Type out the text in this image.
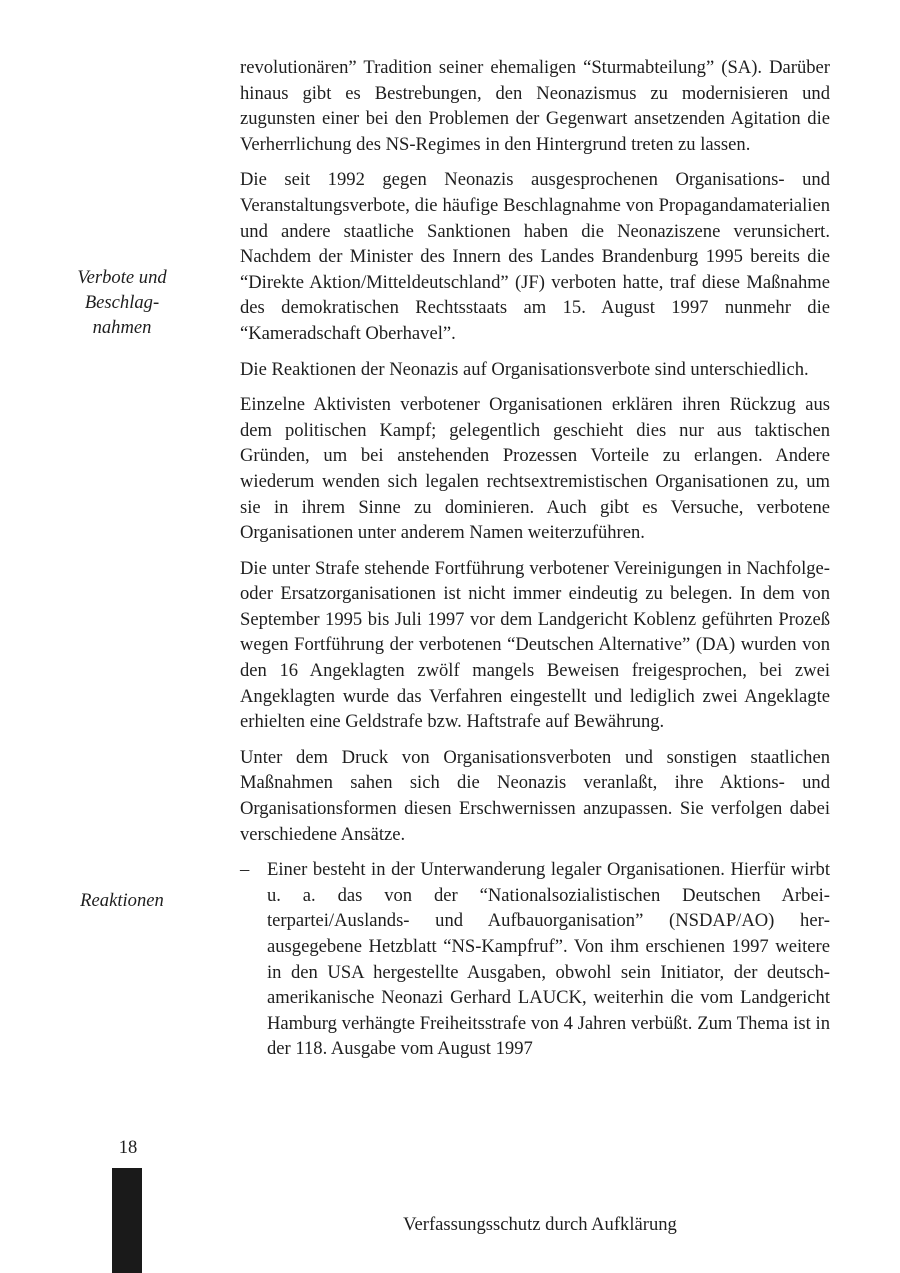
Verbote und
Beschlag-
nahmen
Reaktionen

revolutionären” Tradition seiner ehemaligen “Sturmabteilung” (SA). Darüber hinaus gibt es Bestrebungen, den Neonazismus zu modernisieren und zugunsten einer bei den Problemen der Gegenwart ansetzenden Agitation die Verherrlichung des NS-Regimes in den Hintergrund treten zu lassen.

Die seit 1992 gegen Neonazis ausgesprochenen Organisations- und Veranstaltungsverbote, die häufige Beschlagnahme von Propagandamaterialien und andere staatliche Sanktionen haben die Neonaziszene verunsichert. Nachdem der Minister des Innern des Landes Brandenburg 1995 bereits die “Direkte Aktion/Mitteldeutschland” (JF) verboten hatte, traf diese Maßnahme des demokratischen Rechtsstaats am 15. August 1997 nunmehr die “Kameradschaft Oberhavel”.

Die Reaktionen der Neonazis auf Organisationsverbote sind unterschiedlich.

Einzelne Aktivisten verbotener Organisationen erklären ihren Rückzug aus dem politischen Kampf; gelegentlich geschieht dies nur aus taktischen Gründen, um bei anstehenden Prozessen Vorteile zu erlangen. Andere wiederum wenden sich legalen rechtsextremistischen Organisationen zu, um sie in ihrem Sinne zu dominieren. Auch gibt es Versuche, verbotene Organisationen unter anderem Namen weiterzuführen.

Die unter Strafe stehende Fortführung verbotener Vereinigungen in Nachfolge- oder Ersatzorganisationen ist nicht immer eindeutig zu belegen. In dem von September 1995 bis Juli 1997 vor dem Landgericht Koblenz geführten Prozeß wegen Fortführung der verbotenen “Deutschen Alternative” (DA) wurden von den 16 Angeklagten zwölf mangels Beweisen freigesprochen, bei zwei Angeklagten wurde das Verfahren eingestellt und lediglich zwei Angeklagte erhielten eine Geldstrafe bzw. Haftstrafe auf Bewährung.

Unter dem Druck von Organisationsverboten und sonstigen staatlichen Maßnahmen sahen sich die Neonazis veranlaßt, ihre Aktions- und Organisationsformen diesen Erschwernissen anzupassen. Sie verfolgen dabei verschiedene Ansätze.

– Einer besteht in der Unterwanderung legaler Organisationen. Hierfür wirbt u. a. das von der “Nationalsozialistischen Deutschen Arbeiterpartei/Auslands- und Aufbauorganisation” (NSDAP/AO) herausgegebene Hetzblatt “NS-Kampfruf”. Von ihm erschienen 1997 weitere in den USA hergestellte Ausgaben, obwohl sein Initiator, der deutsch-amerikanische Neonazi Gerhard LAUCK, weiterhin die vom Landgericht Hamburg verhängte Freiheitsstrafe von 4 Jahren verbüßt. Zum Thema ist in der 118. Ausgabe vom August 1997

18
Verfassungsschutz durch Aufklärung
